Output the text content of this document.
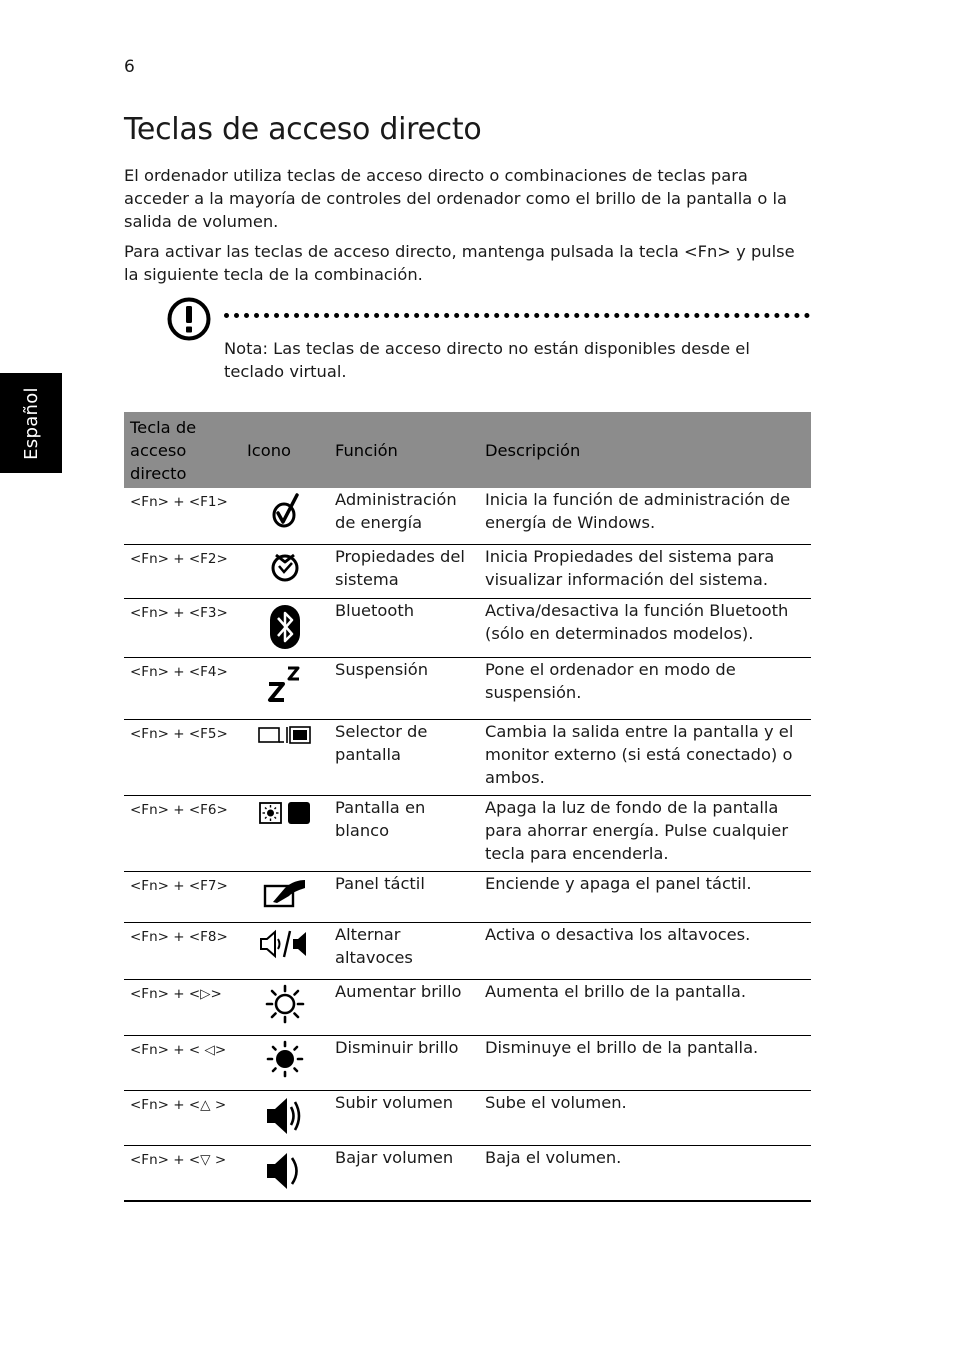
6
Español
Teclas de acceso directo

El ordenador utiliza teclas de acceso directo o combinaciones de teclas para acceder a la mayoría de controles del ordenador como el brillo de la pantalla o la salida de volumen.

Para activar las teclas de acceso directo, mantenga pulsada la tecla <Fn> y pulse la siguiente tecla de la combinación.

Nota: Las teclas de acceso directo no están disponibles desde el teclado virtual.
Tecla de acceso directo	Icono	Función	Descripción
<Fn> + <F1>		Administración de energía	Inicia la función de administración de energía de Windows.
<Fn> + <F2>		Propiedades del sistema	Inicia Propiedades del sistema para visualizar información del sistema.
<Fn> + <F3>		Bluetooth	Activa/desactiva la función Bluetooth (sólo en determinados modelos).
<Fn> + <F4>		Suspensión	Pone el ordenador en modo de suspensión.
<Fn> + <F5>		Selector de pantalla	Cambia la salida entre la pantalla y el monitor externo (si está conectado) o ambos.
<Fn> + <F6>		Pantalla en blanco	Apaga la luz de fondo de la pantalla para ahorrar energía. Pulse cualquier tecla para encenderla.
<Fn> + <F7>		Panel táctil	Enciende y apaga el panel táctil.
<Fn> + <F8>		Alternar altavoces	Activa o desactiva los altavoces.
<Fn> + <▷>		Aumentar brillo	Aumenta el brillo de la pantalla.
<Fn> + < ◁>		Disminuir brillo	Disminuye el brillo de la pantalla.
<Fn> + <△ >		Subir volumen	Sube el volumen.
<Fn> + <▽ >		Bajar volumen	Baja el volumen.
